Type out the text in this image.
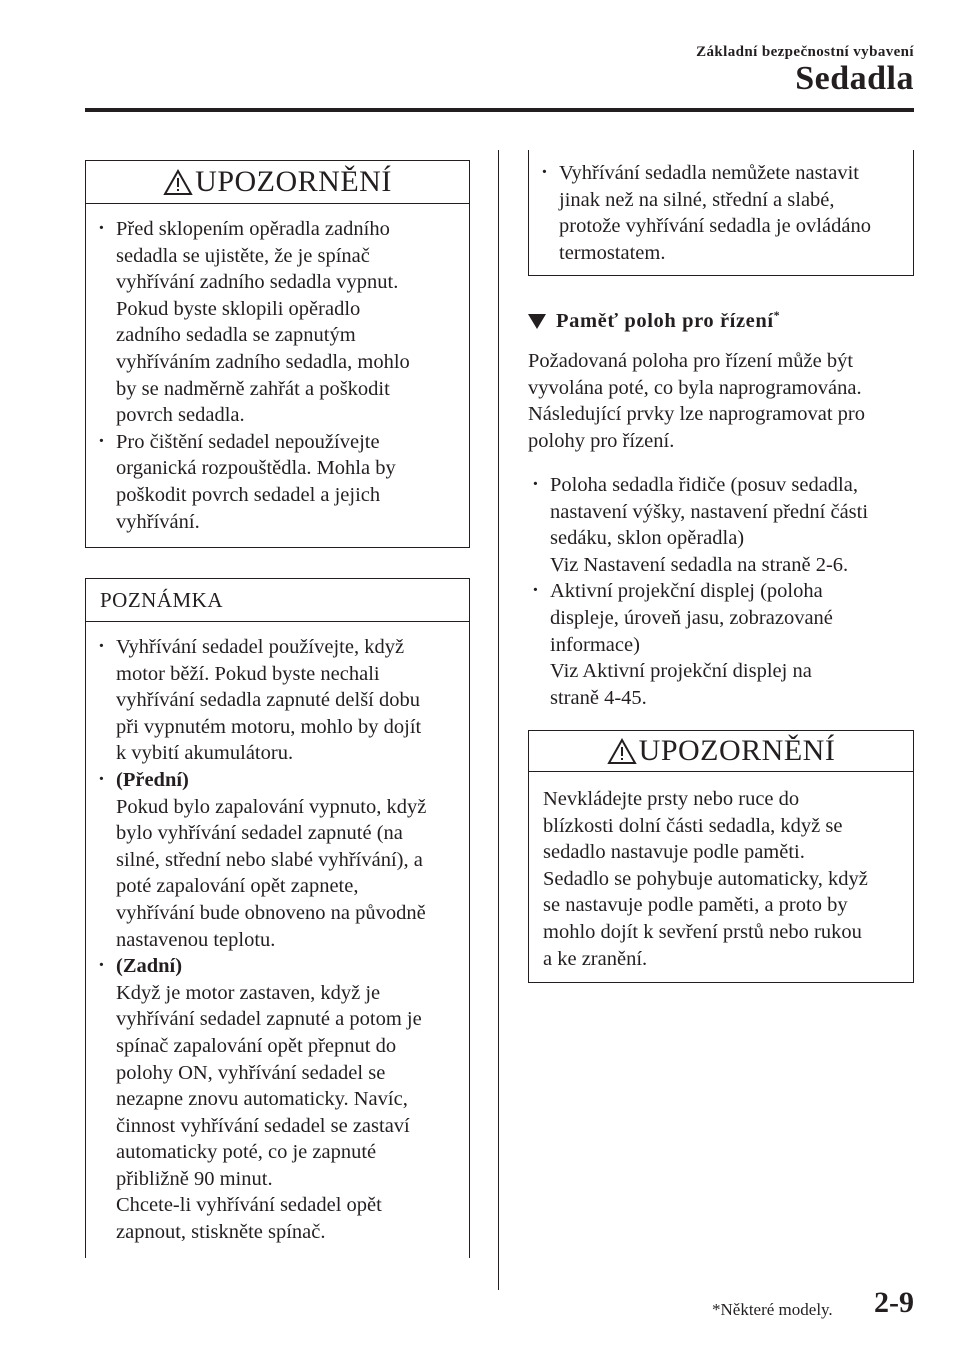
Základní bezpečnostní vybavení
Sedadla
UPOZORNĚNÍ
· Před sklopením opěradla zadního
sedadla se ujistěte, že je spínač
vyhřívání zadního sedadla vypnut.
Pokud byste sklopili opěradlo
zadního sedadla se zapnutým
vyhříváním zadního sedadla, mohlo
by se nadměrně zahřát a poškodit
povrch sedadla.
· Pro čištění sedadel nepoužívejte
organická rozpouštědla. Mohla by
poškodit povrch sedadel a jejich
vyhřívání.
POZNÁMKA
· Vyhřívání sedadel používejte, když
motor běží. Pokud byste nechali
vyhřívání sedadla zapnuté delší dobu
při vypnutém motoru, mohlo by dojít
k vybití akumulátoru.
· (Přední)
Pokud bylo zapalování vypnuto, když
bylo vyhřívání sedadel zapnuté (na
silné, střední nebo slabé vyhřívání), a
poté zapalování opět zapnete,
vyhřívání bude obnoveno na původně
nastavenou teplotu.
· (Zadní)
Když je motor zastaven, když je
vyhřívání sedadel zapnuté a potom je
spínač zapalování opět přepnut do
polohy ON, vyhřívání sedadel se
nezapne znovu automaticky. Navíc,
činnost vyhřívání sedadel se zastaví
automaticky poté, co je zapnuté
přibližně 90 minut.
Chcete-li vyhřívání sedadel opět
zapnout, stiskněte spínač.
· Vyhřívání sedadla nemůžete nastavit
jinak než na silné, střední a slabé,
protože vyhřívání sedadla je ovládáno
termostatem.
Paměť poloh pro řízení*
Požadovaná poloha pro řízení může být
vyvolána poté, co byla naprogramována.
Následující prvky lze naprogramovat pro
polohy pro řízení.
· Poloha sedadla řidiče (posuv sedadla,
nastavení výšky, nastavení přední části
sedáku, sklon opěradla)
Viz Nastavení sedadla na straně 2-6.
· Aktivní projekční displej (poloha
displeje, úroveň jasu, zobrazované
informace)
Viz Aktivní projekční displej na
straně 4-45.
UPOZORNĚNÍ
Nevkládejte prsty nebo ruce do
blízkosti dolní části sedadla, když se
sedadlo nastavuje podle paměti.
Sedadlo se pohybuje automaticky, když
se nastavuje podle paměti, a proto by
mohlo dojít k sevření prstů nebo rukou
a ke zranění.
*Některé modely. 2-9
